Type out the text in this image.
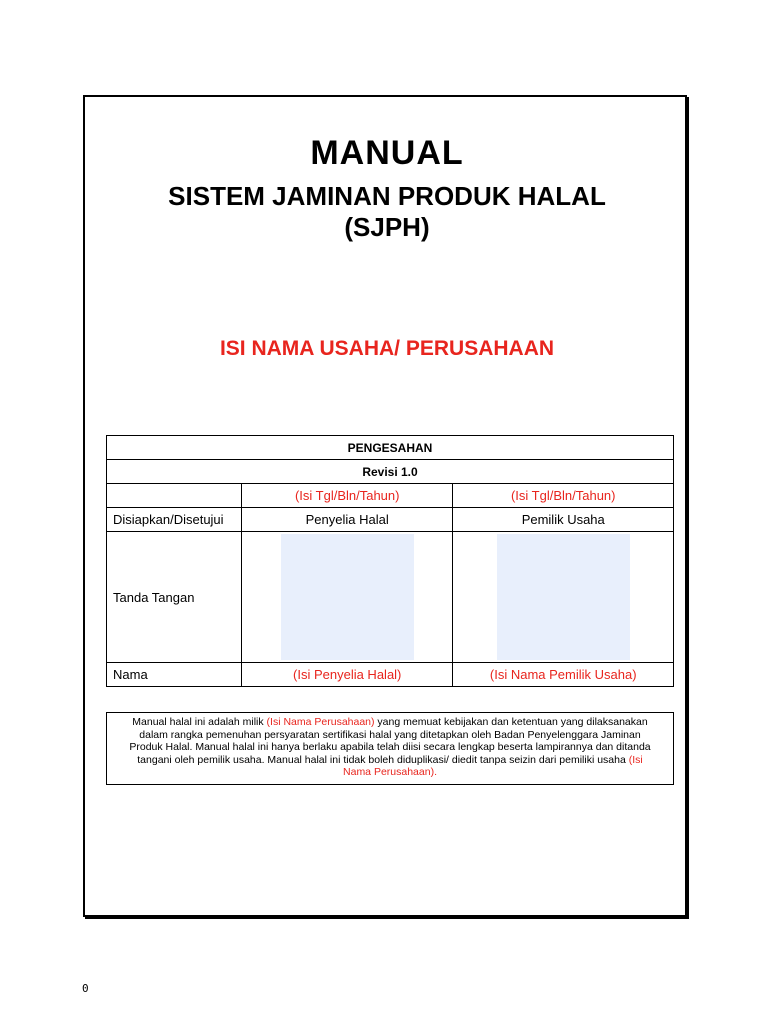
MANUAL
SISTEM JAMINAN PRODUK HALAL
(SJPH)
ISI NAMA USAHA/ PERUSAHAAN
PENGESAHAN		
Revisi 1.0		
	(Isi Tgl/Bln/Tahun)	(Isi Tgl/Bln/Tahun)
Disiapkan/Disetujui	Penyelia Halal	Pemilik Usaha
Tanda Tangan	

Nama	(Isi Penyelia Halal)	(Isi Nama Pemilik Usaha)
Manual halal ini adalah milik (Isi Nama Perusahaan) yang memuat kebijakan dan ketentuan yang dilaksanakan dalam rangka pemenuhan persyaratan sertifikasi halal yang ditetapkan oleh Badan Penyelenggara Jaminan Produk Halal. Manual halal ini hanya berlaku apabila telah diisi secara lengkap beserta lampirannya dan ditanda tangani oleh pemilik usaha. Manual halal ini tidak boleh diduplikasi/ diedit tanpa seizin dari pemiliki usaha (Isi Nama Perusahaan).
0
